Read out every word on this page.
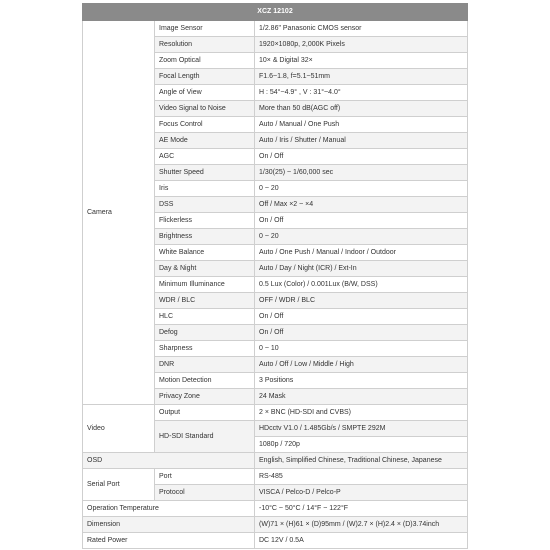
XCZ 12102		
Camera	Image Sensor	1/2.86" Panasonic CMOS sensor
	Resolution	1920×1080p, 2,000K Pixels
	Zoom Optical	10× & Digital 32×
	Focal Length	F1.6~1.8, f=5.1~51mm
	Angle of View	H : 54°~4.9° , V : 31°~4.0°
	Video Signal to Noise	More than 50 dB(AGC off)
	Focus Control	Auto / Manual / One Push
	AE Mode	Auto / Iris / Shutter / Manual
	AGC	On / Off
	Shutter Speed	1/30(25) ~ 1/60,000 sec
	Iris	0 ~ 20
	DSS	Off / Max ×2 ~ ×4
	Flickerless	On / Off
	Brightness	0 ~ 20
	White Balance	Auto / One Push / Manual / Indoor / Outdoor
	Day & Night	Auto / Day / Night (ICR) / Ext-In
	Minimum Illuminance	0.5 Lux (Color) / 0.001Lux (B/W, DSS)
	WDR / BLC	OFF / WDR / BLC
	HLC	On / Off
	Defog	On / Off
	Sharpness	0 ~ 10
	DNR	Auto / Off / Low / Middle / High
	Motion Detection	3 Positions
	Privacy Zone	24 Mask
Video	Output	2 × BNC (HD-SDI and CVBS)
	HD-SDI Standard	HDcctv V1.0 / 1.485Gb/s / SMPTE 292M
		1080p / 720p
OSD		English, Simplified Chinese, Traditional Chinese, Japanese
Serial Port	Port	RS-485
	Protocol	VISCA / Pelco-D / Pelco-P
Operation Temperature		-10°C ~ 50°C / 14°F ~ 122°F
Dimension		(W)71 × (H)61 × (D)95mm / (W)2.7 × (H)2.4 × (D)3.74inch
Rated Power		DC 12V / 0.5A
